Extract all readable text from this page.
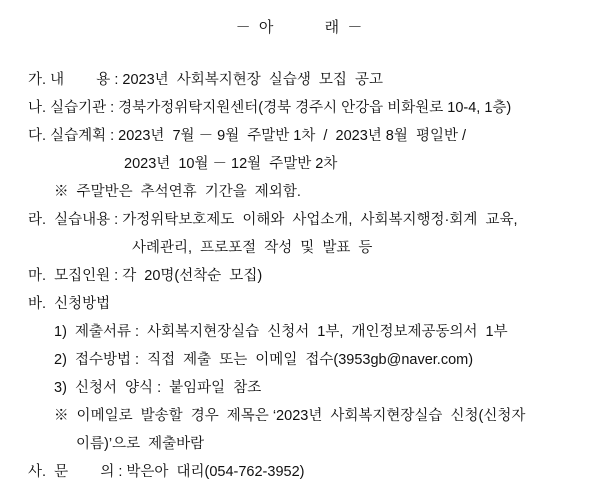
－ 아        래 －
가. 내        용 : 2023년  사회복지현장  실습생  모집  공고
나. 실습기관 : 경북가정위탁지원센터(경북 경주시 안강읍 비화원로 10-4, 1층)
다. 실습계획 : 2023년  7월 － 9월  주말반 1차  /  2023년 8월  평일반 /
2023년  10월 － 12월  주말반 2차
※  주말반은  추석연휴  기간을  제외함.
라.  실습내용 : 가정위탁보호제도  이해와  사업소개,  사회복지행정·회계  교육,
사례관리,  프로포절  작성  및  발표  등
마.  모집인원 : 각  20명(선착순  모집)
바.  신청방법
1)  제출서류 :  사회복지현장실습  신청서  1부,  개인정보제공동의서  1부
2)  접수방법 :  직접  제출  또는  이메일  접수(3953gb@naver.com)
3)  신청서  양식 :  붙임파일  참조
※  이메일로  발송할  경우  제목은 ‘2023년  사회복지현장실습  신청(신청자
이름)’으로  제출바람
사.  문        의 : 박은아  대리(054-762-3952)
